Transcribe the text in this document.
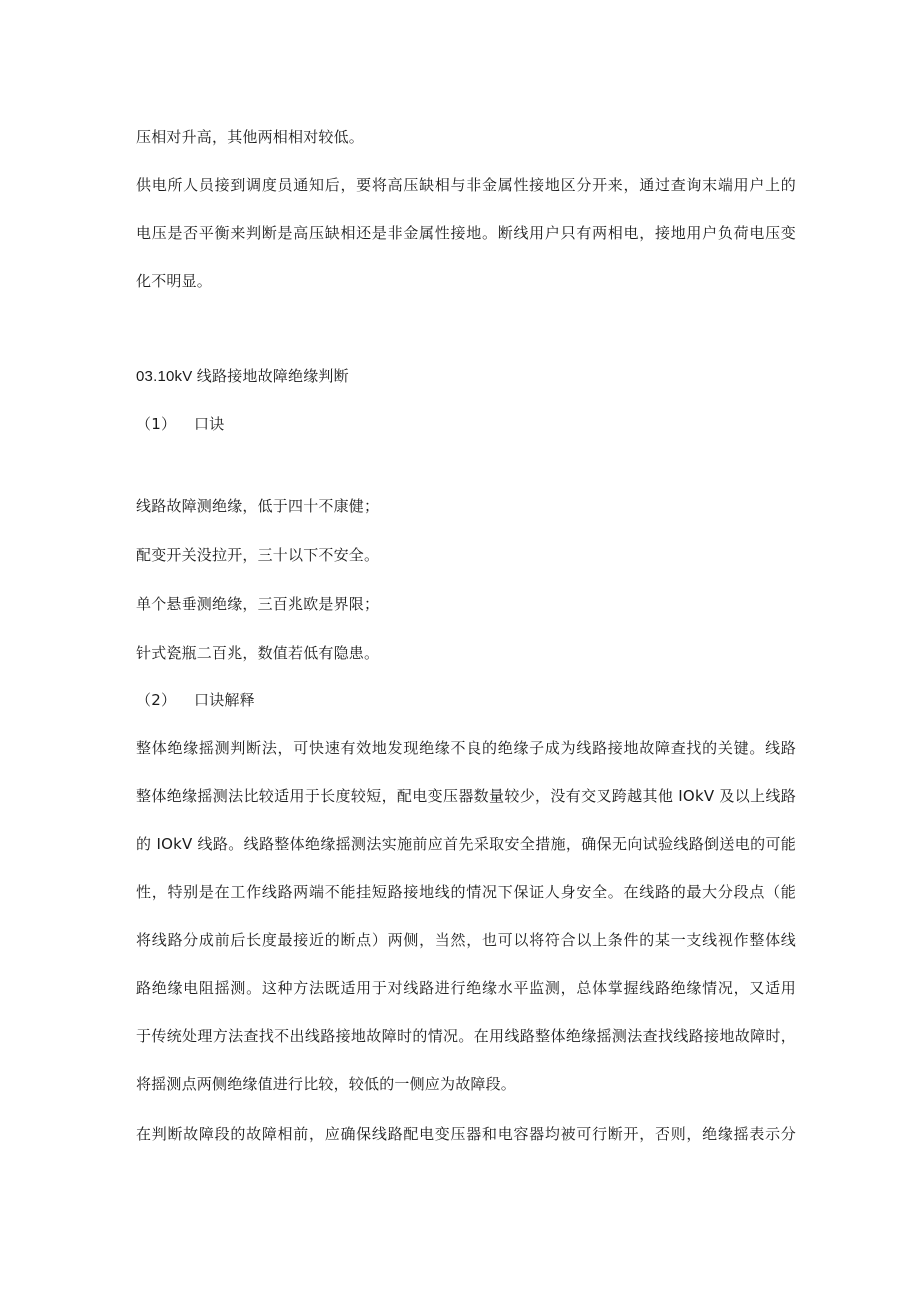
压相对升高，其他两相相对较低。
供电所人员接到调度员通知后，要将高压缺相与非金属性接地区分开来，通过查询末端用户上的
电压是否平衡来判断是高压缺相还是非金属性接地。断线用户只有两相电，接地用户负荷电压变
化不明显。
03.10kV 线路接地故障绝缘判断
（1） 口诀
线路故障测绝缘，低于四十不康健；
配变开关没拉开，三十以下不安全。
单个悬垂测绝缘，三百兆欧是界限；
针式瓷瓶二百兆，数值若低有隐患。
（2） 口诀解释
整体绝缘摇测判断法，可快速有效地发现绝缘不良的绝缘子成为线路接地故障查找的关键。线路
整体绝缘摇测法比较适用于长度较短，配电变压器数量较少，没有交叉跨越其他 IOkV 及以上线路
的 IOkV 线路。线路整体绝缘摇测法实施前应首先采取安全措施，确保无向试验线路倒送电的可能
性，特别是在工作线路两端不能挂短路接地线的情况下保证人身安全。在线路的最大分段点（能
将线路分成前后长度最接近的断点）两侧，当然，也可以将符合以上条件的某一支线视作整体线
路绝缘电阻摇测。这种方法既适用于对线路进行绝缘水平监测，总体掌握线路绝缘情况，又适用
于传统处理方法查找不出线路接地故障时的情况。在用线路整体绝缘摇测法查找线路接地故障时，
将摇测点两侧绝缘值进行比较，较低的一侧应为故障段。
在判断故障段的故障相前，应确保线路配电变压器和电容器均被可行断开，否则，绝缘摇表示分
